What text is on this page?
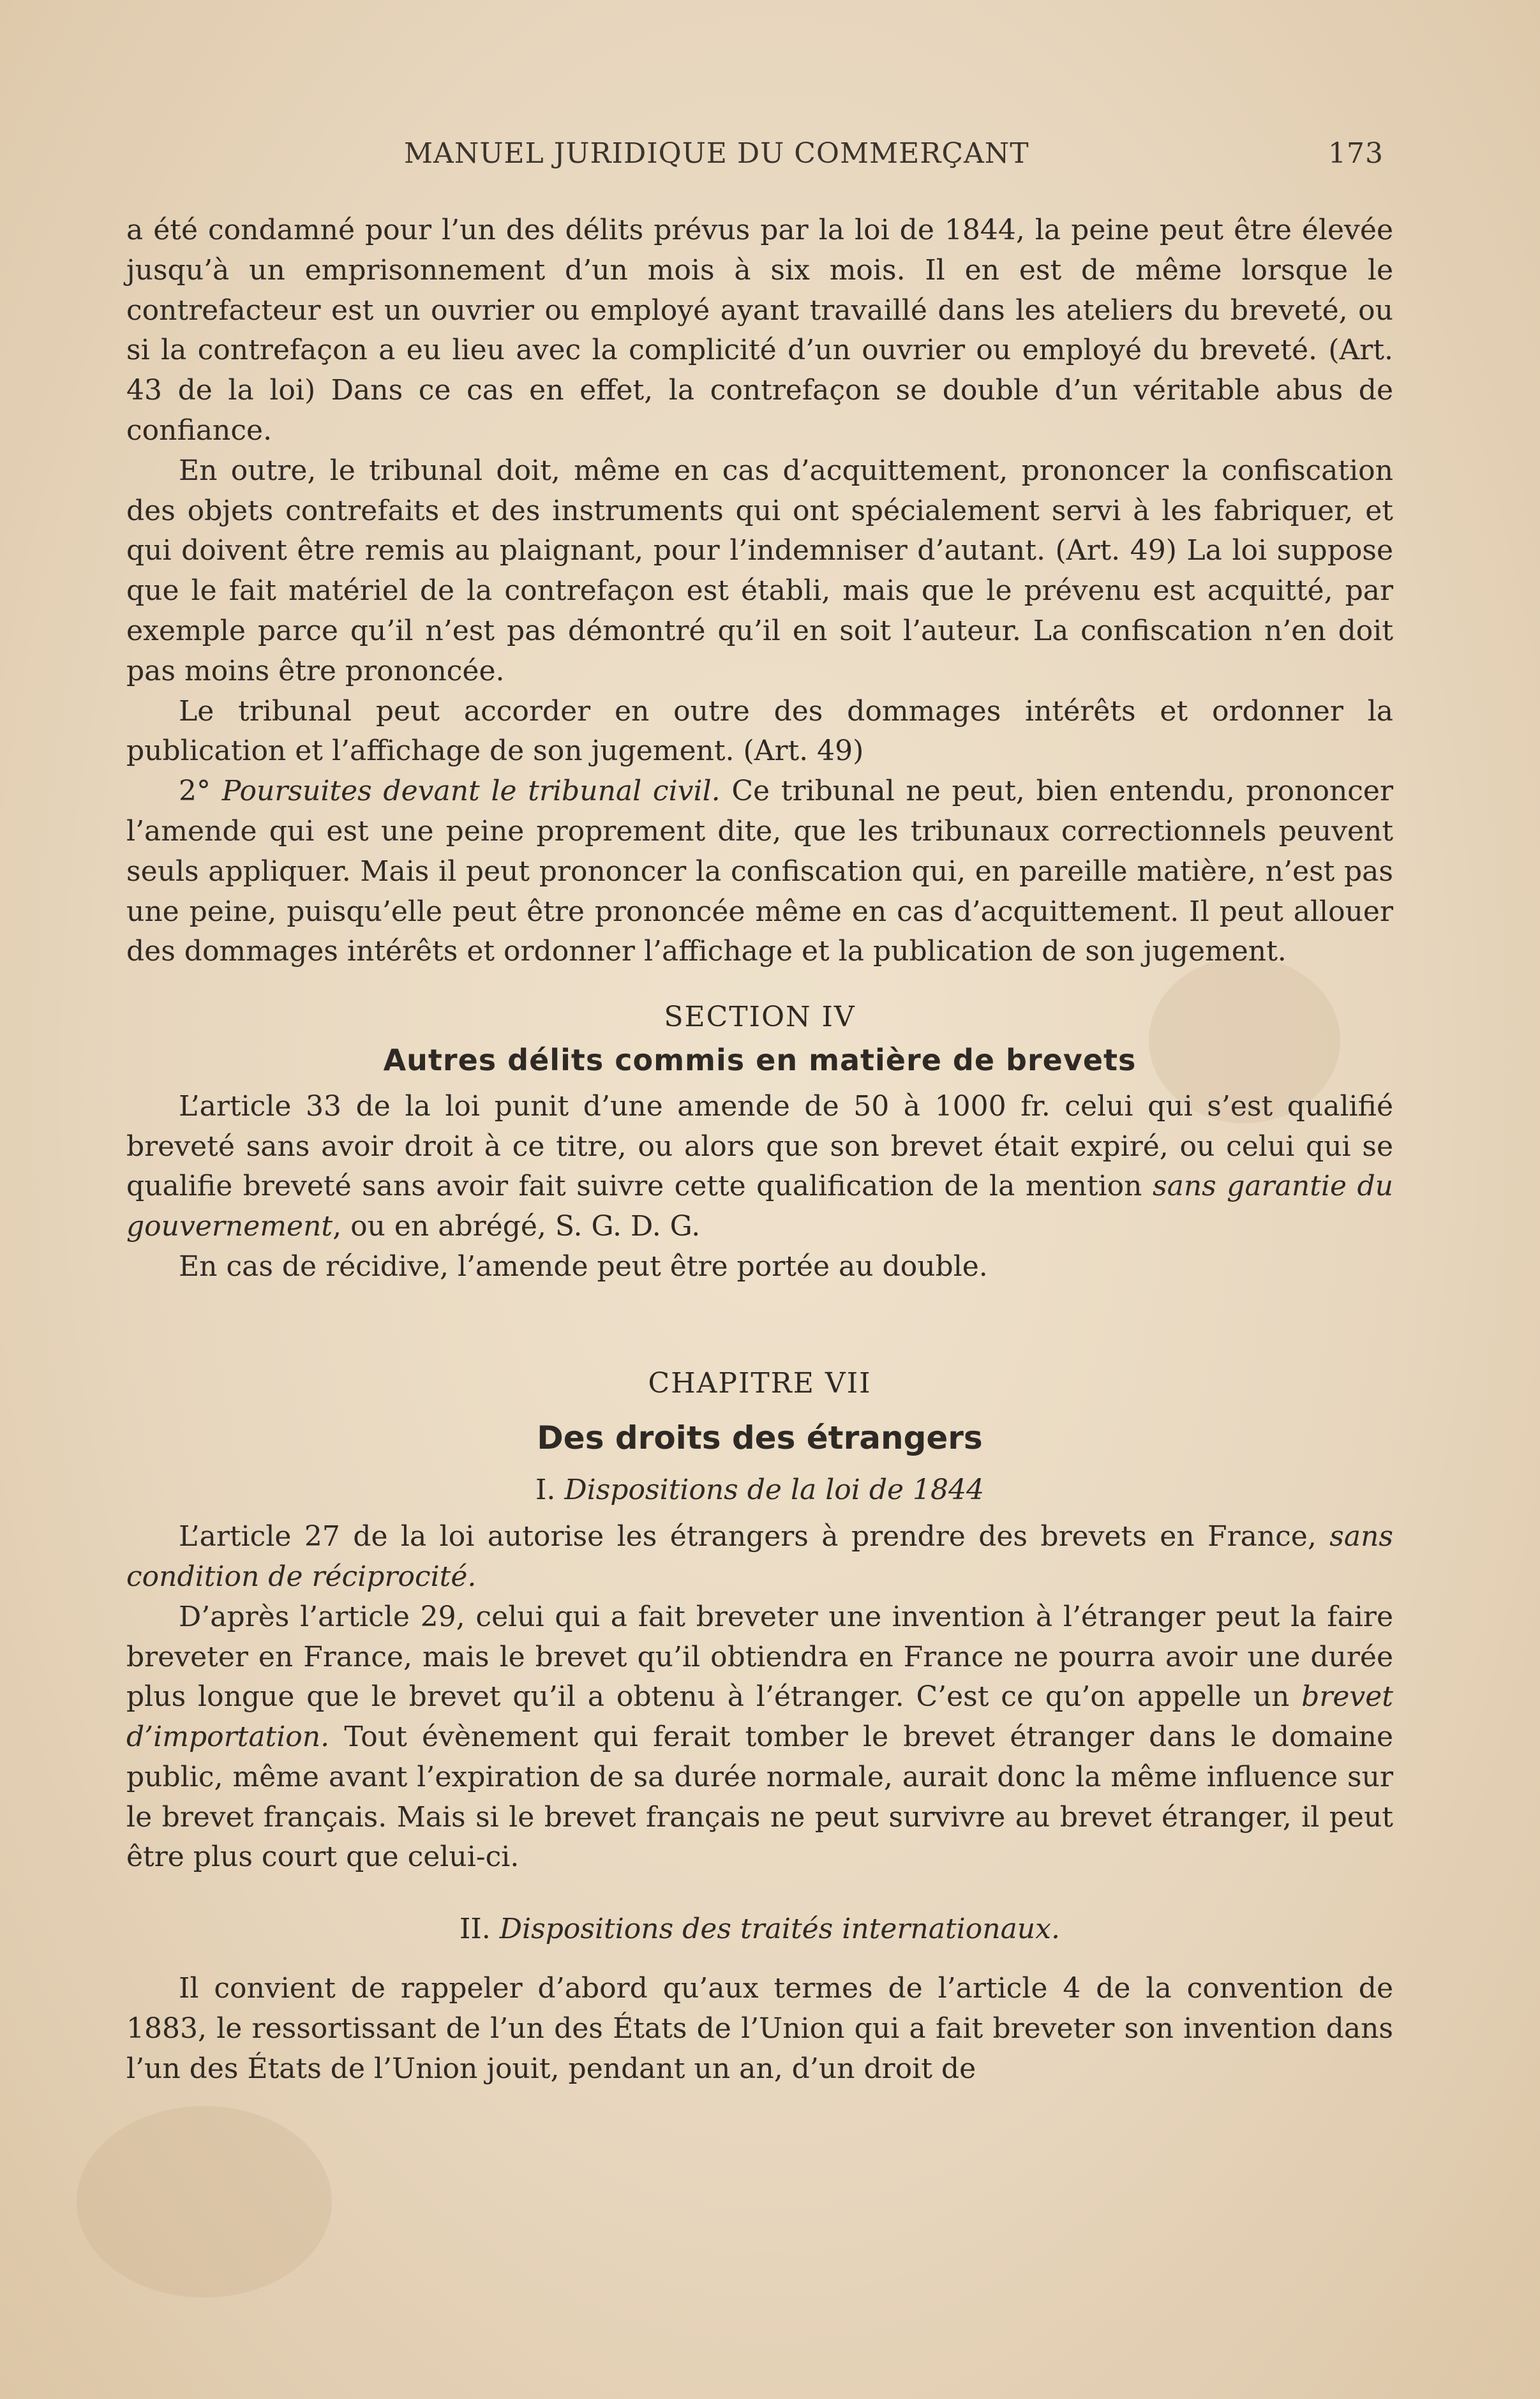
MANUEL JURIDIQUE DU COMMERÇANT	173

a été condamné pour l’un des délits prévus par la loi de 1844, la peine peut être élevée jusqu’à un emprisonnement d’un mois à six mois. Il en est de même lorsque le contrefacteur est un ouvrier ou employé ayant travaillé dans les ateliers du breveté, ou si la contrefaçon a eu lieu avec la complicité d’un ouvrier ou employé du breveté. (Art. 43 de la loi) Dans ce cas en effet, la contrefaçon se double d’un véritable abus de confiance.

En outre, le tribunal doit, même en cas d’acquittement, prononcer la confiscation des objets contrefaits et des instruments qui ont spécialement servi à les fabriquer, et qui doivent être remis au plaignant, pour l’indemniser d’autant. (Art. 49) La loi suppose que le fait matériel de la contrefaçon est établi, mais que le prévenu est acquitté, par exemple parce qu’il n’est pas démontré qu’il en soit l’auteur. La confiscation n’en doit pas moins être prononcée.

Le tribunal peut accorder en outre des dommages intérêts et ordonner la publication et l’affichage de son jugement. (Art. 49)

2° Poursuites devant le tribunal civil. Ce tribunal ne peut, bien entendu, prononcer l’amende qui est une peine proprement dite, que les tribunaux correctionnels peuvent seuls appliquer. Mais il peut prononcer la confiscation qui, en pareille matière, n’est pas une peine, puisqu’elle peut être prononcée même en cas d’acquittement. Il peut allouer des dommages intérêts et ordonner l’affichage et la publication de son jugement.

SECTION IV

Autres délits commis en matière de brevets

L’article 33 de la loi punit d’une amende de 50 à 1000 fr. celui qui s’est qualifié breveté sans avoir droit à ce titre, ou alors que son brevet était expiré, ou celui qui se qualifie breveté sans avoir fait suivre cette qualification de la mention sans garantie du gouvernement, ou en abrégé, S. G. D. G.

En cas de récidive, l’amende peut être portée au double.

CHAPITRE VII

Des droits des étrangers

I. Dispositions de la loi de 1844

L’article 27 de la loi autorise les étrangers à prendre des brevets en France, sans condition de réciprocité.

D’après l’article 29, celui qui a fait breveter une invention à l’étranger peut la faire breveter en France, mais le brevet qu’il obtiendra en France ne pourra avoir une durée plus longue que le brevet qu’il a obtenu à l’étranger. C’est ce qu’on appelle un brevet d’importation. Tout évènement qui ferait tomber le brevet étranger dans le domaine public, même avant l’expiration de sa durée normale, aurait donc la même influence sur le brevet français. Mais si le brevet français ne peut survivre au brevet étranger, il peut être plus court que celui-ci.

II. Dispositions des traités internationaux.

Il convient de rappeler d’abord qu’aux termes de l’article 4 de la convention de 1883, le ressortissant de l’un des États de l’Union qui a fait breveter son invention dans l’un des États de l’Union jouit, pendant un an, d’un droit de
